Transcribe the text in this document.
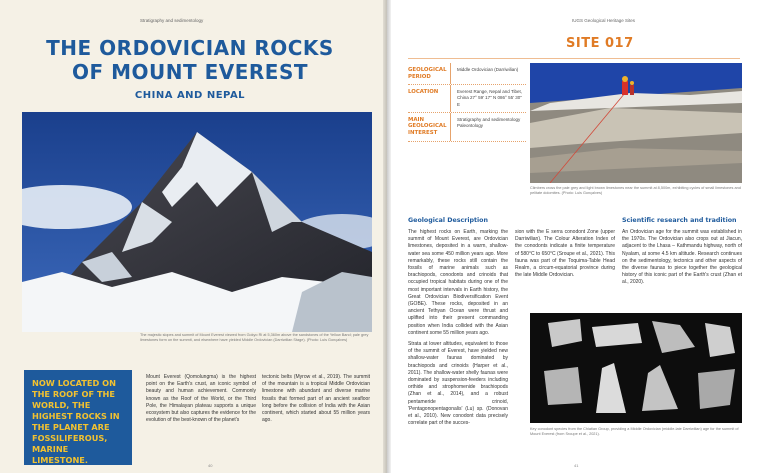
Stratigraphy and sedimentology
THE ORDOVICIAN ROCKS
OF MOUNT EVEREST
CHINA AND NEPAL
The majestic slopes and summit of Mount Everest viewed from Gokyo Ri at 5,360m above the sandstones of the Yellow Band; pale grey limestones form on the summit, and elsewhere have yielded Middle Ordovician (Darriwilian Stage). (Photo: Luis Gonçalves)

NOW LOCATED ON THE ROOF OF THE WORLD, THE HIGHEST ROCKS IN THE PLANET ARE FOSSILIFEROUS, MARINE LIMESTONE.

Mount Everest (Qomolungma) is the highest point on the Earth's crust, an iconic symbol of beauty and human achievement. Commonly known as the Roof of the World, or the Third Pole, the Himalayan plateau supports a unique ecosystem but also captures the evidence for the evolution of the best-known of the planet's
tectonic belts (Myrow et al., 2019). The summit of the mountain is a tropical Middle Ordovician limestone with abundant and diverse marine fossils that formed part of an ancient seafloor long before the collision of India with the Asian continent, which started about 55 million years ago.
40
IUGS Geological Heritage Sites
SITE 017
GEOLOGICAL PERIOD
Middle Ordovician (Darriwilian)
LOCATION	Everest Range, Nepal and Tibet, China 27° 59' 17" N 086° 55' 30" E
MAIN GEOLOGICAL INTEREST
Stratigraphy and sedimentology Paleontology
Climbers cross the pale grey and light brown limestones near the summit at 8,500m, exhibiting cycles of small limestones and pelitate dolomites. (Photo: Luis Gonçalves)
Geological Description	Scientific research and tradition

The highest rocks on Earth, marking the summit of Mount Everest, are Ordovician limestones, deposited in a warm, shallow-water sea some 450 million years ago. More remarkably, these rocks still contain the fossils of marine animals such as brachiopods, conodonts and crinoids that occupied tropical habitats during one of the most important intervals in Earth history, the Great Ordovician Biodiversification Event (GOBE). These rocks, deposited in an ancient Tethyan Ocean were thrust and uplifted into their present commanding position when India collided with the Asian continent some 55 million years ago.

Strata at lower altitudes, equivalent to those of the summit of Everest, have yielded new shallow-water faunas dominated by brachiopods and crinoids (Harper et al., 2011). The shallow-water shelly faunas were dominated by suspension-feeders including orthide and strophomenide brachiopods (Zhan et al., 2014), and a robust pentameride crinoid, 'Pentagonopentagonalis' (Lu) sp. (Donovan et al., 2010). New conodont data precisely correlate part of the succes-

sion with the E serra conodont Zone (upper Darriwilian). The Colour Alteration Index of the conodonts indicate a finite temperature of 580°C to 650°C (Sroupe et al., 2021). This fauna was part of the Toquima-Table Head Realm, a circum-equatorial province during the late Middle Ordovician.
An Ordovician age for the summit was established in the 1970s. The Ordovician also crops out at Jiacun, adjacent to the Lhasa – Kathmandu highway, north of Nyalam, at some 4.5 km altitude. Research continues on the sedimentology, tectonics and other aspects of the diverse faunas to piece together the geological history of this iconic part of the Earth's crust (Zhan et al., 2020).
Key conodont species from the Chiatian Group, providing a Middle Ordovician (middle-late Darriwilian) age for the summit of Mount Everest (from Sroupe et al., 2021).
41
